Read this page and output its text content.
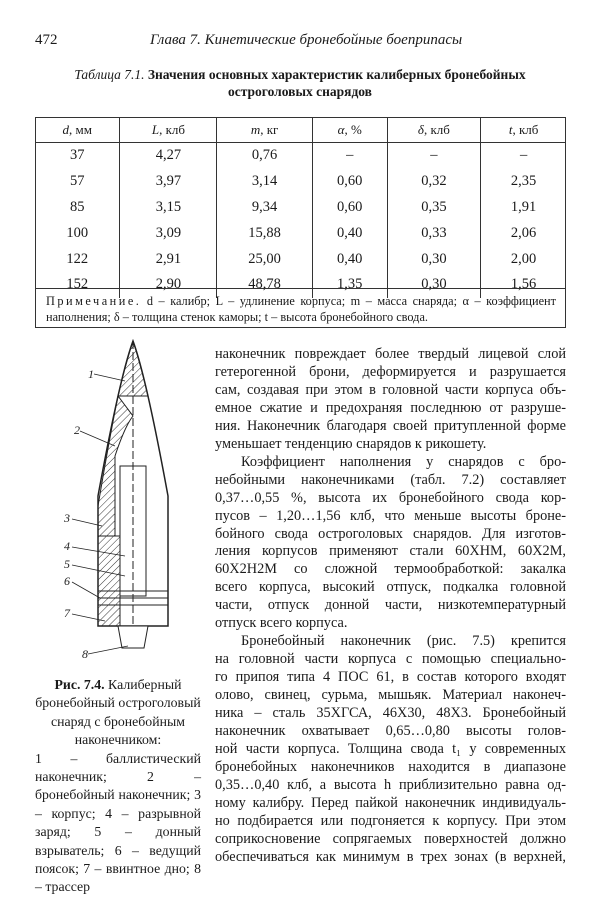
472	Глава 7. Кинетические бронебойные боеприпасы
Таблица 7.1. Значения основных характеристик калиберных бронебойных остроголовых снарядов
d, мм	L, клб	m, кг	α, %	δ, клб	t, клб
37	4,27	0,76	–	–	–
57	3,97	3,14	0,60	0,32	2,35
85	3,15	9,34	0,60	0,35	1,91
100	3,09	15,88	0,40	0,33	2,06
122	2,91	25,00	0,40	0,30	2,00
152	2,90	48,78	1,35	0,30	1,56
Примечание. d – калибр; L – удлинение корпуса; m – масса снаряда; α – коэффициент наполнения; δ – толщина стенок каморы; t – высота бронебойного свода.
1
2
3
4
5
6
7
8
Рис. 7.4. Калиберный бронебойный остроголовый снаряд с бронебойным наконечником:

1 – баллистический наконечник; 2 – бронебойный наконечник; 3 – корпус; 4 – разрывной заряд; 5 – донный взрыватель; 6 – ведущий поясок; 7 – ввинтное дно; 8 – трассер
наконечник повреждает более твердый лицевой слой
гетерогенной брони, деформируется и разрушается
сам, создавая при этом в головной части корпуса объ-
емное сжатие и предохраняя последнюю от разруше-
ния. Наконечник благодаря своей притупленной форме
уменьшает тенденцию снарядов к рикошету.
Коэффициент наполнения у снарядов с бро-
небойными наконечниками (табл. 7.2) составляет
0,37…0,55 %, высота их бронебойного свода кор-
пусов – 1,20…1,56 клб, что меньше высоты броне-
бойного свода остроголовых снарядов. Для изготов-
ления корпусов применяют стали 60ХНМ, 60Х2М,
60Х2Н2М со сложной термообработкой: закалка
всего корпуса, высокий отпуск, подкалка головной
части, отпуск донной части, низкотемпературный
отпуск всего корпуса.
Бронебойный наконечник (рис. 7.5) крепится
на головной части корпуса с помощью специально-
го припоя типа 4 ПОС 61, в состав которого входят
олово, свинец, сурьма, мышьяк. Материал наконеч-
ника – сталь 35ХГСА, 46Х30, 48Х3. Бронебойный
наконечник охватывает 0,65…0,80 высоты голов-
ной части корпуса. Толщина свода t₁ у современных
бронебойных наконечников находится в диапазоне
0,35…0,40 клб, а высота h приблизительно равна од-
ному калибру. Перед пайкой наконечник индивидуаль-
но подбирается или подгоняется к корпусу. При этом
соприкосновение сопрягаемых поверхностей должно
обеспечиваться как минимум в трех зонах (в верхней,
